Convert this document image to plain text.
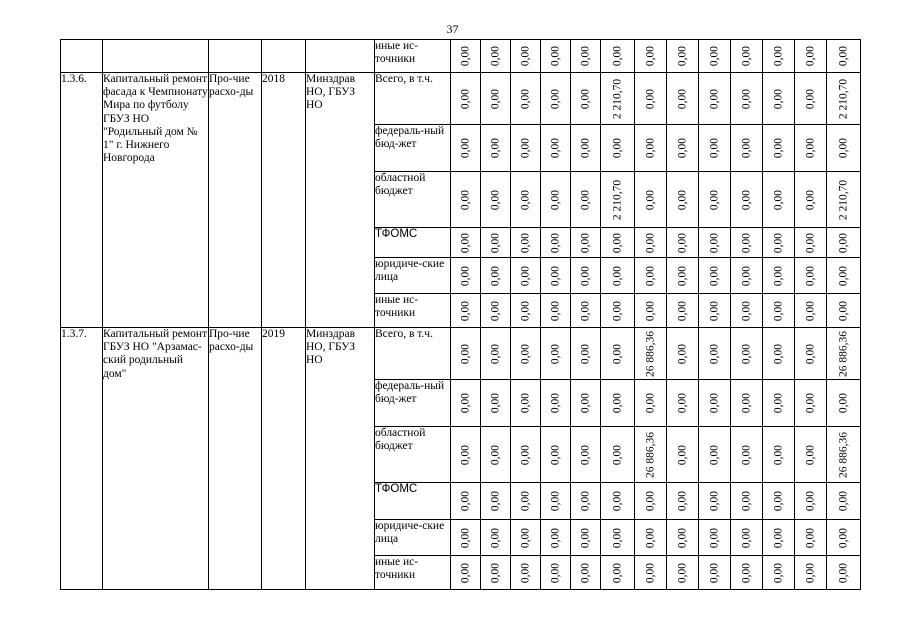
37
					иные ис-точники	0,00	0,00	0,00	0,00	0,00	0,00	0,00	0,00	0,00	0,00	0,00	0,00	0,00

1.3.6.	Капитальный ремонт фасада к Чемпионату Мира по футболу ГБУЗ НО "Родильный дом № 1" г. Нижнего Новгорода	Про-чие расхо-ды	2018	Минздрав НО, ГБУЗ НО	Всего, в т.ч.	0,00	0,00	0,00	0,00	0,00	2 210,70	0,00	0,00	0,00	0,00	0,00	0,00	2 210,70

					федераль-ный бюд-жет	0,00	0,00	0,00	0,00	0,00	0,00	0,00	0,00	0,00	0,00	0,00	0,00	0,00

					областной бюджет	0,00	0,00	0,00	0,00	0,00	2 210,70	0,00	0,00	0,00	0,00	0,00	0,00	2 210,70

					ТФОМС	0,00	0,00	0,00	0,00	0,00	0,00	0,00	0,00	0,00	0,00	0,00	0,00	0,00

					юридиче-ские лица	0,00	0,00	0,00	0,00	0,00	0,00	0,00	0,00	0,00	0,00	0,00	0,00	0,00

					иные ис-точники	0,00	0,00	0,00	0,00	0,00	0,00	0,00	0,00	0,00	0,00	0,00	0,00	0,00

1.3.7.	Капитальный ремонт ГБУЗ НО "Арзамас-ский родильный дом"	Про-чие расхо-ды	2019	Минздрав НО, ГБУЗ НО	Всего, в т.ч.	0,00	0,00	0,00	0,00	0,00	0,00	26 886,36	0,00	0,00	0,00	0,00	0,00	26 886,36

					федераль-ный бюд-жет	0,00	0,00	0,00	0,00	0,00	0,00	0,00	0,00	0,00	0,00	0,00	0,00	0,00

					областной бюджет	0,00	0,00	0,00	0,00	0,00	0,00	26 886,36	0,00	0,00	0,00	0,00	0,00	26 886,36

					ТФОМС	0,00	0,00	0,00	0,00	0,00	0,00	0,00	0,00	0,00	0,00	0,00	0,00	0,00

					юридиче-ские лица	0,00	0,00	0,00	0,00	0,00	0,00	0,00	0,00	0,00	0,00	0,00	0,00	0,00

					иные ис-точники	0,00	0,00	0,00	0,00	0,00	0,00	0,00	0,00	0,00	0,00	0,00	0,00	0,00
